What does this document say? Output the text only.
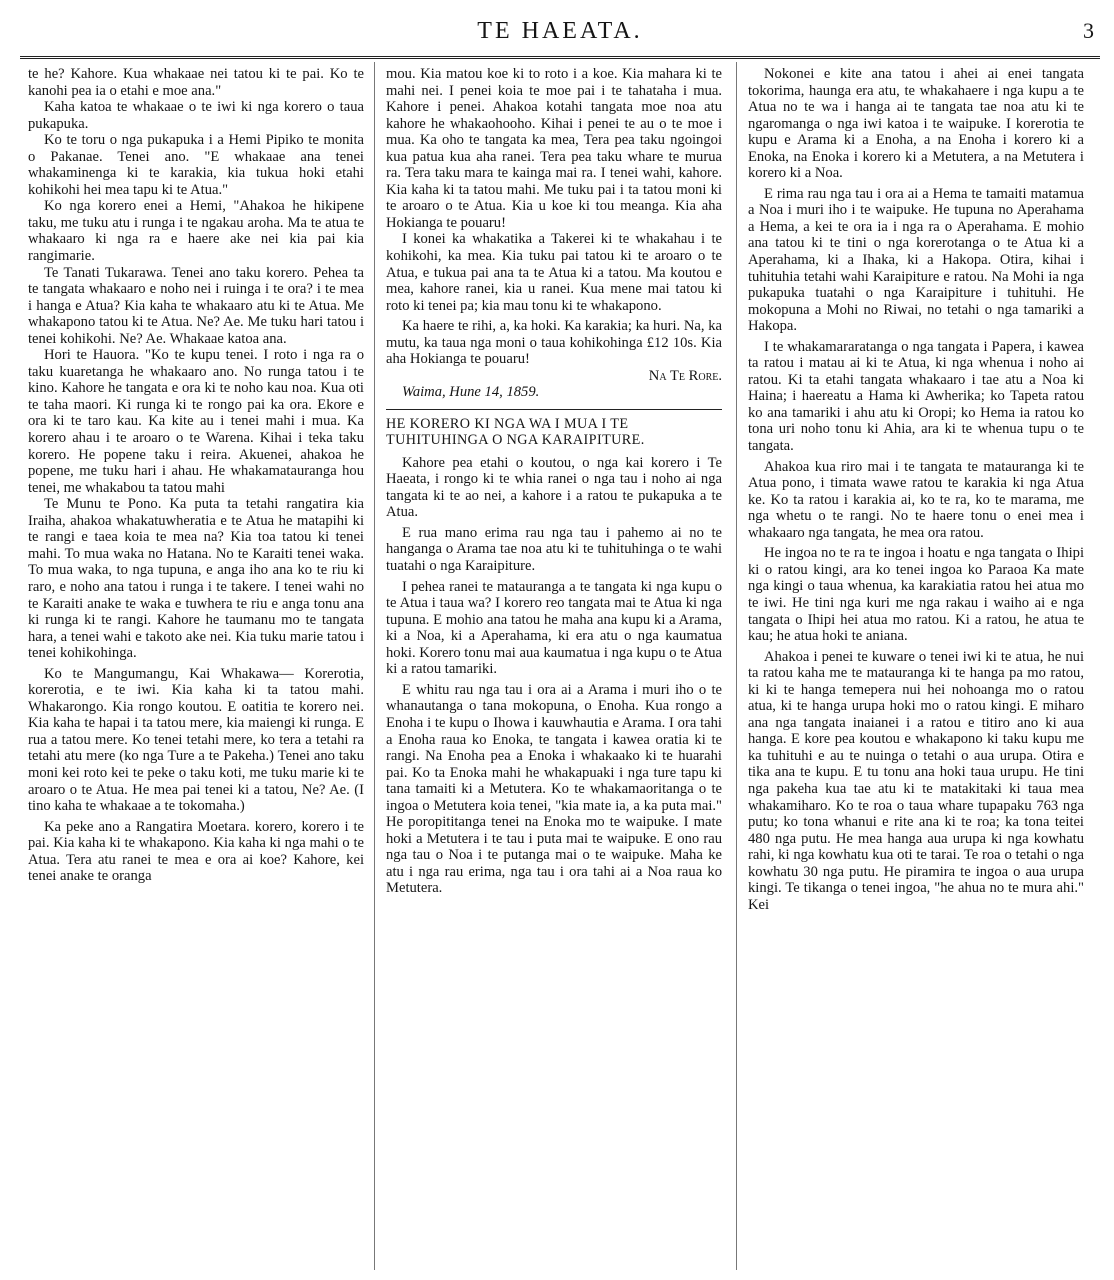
TE HAEATA.	3

te he? Kahore. Kua whakaae nei tatou ki te pai. Ko te kanohi pea ia o etahi e moe ana."

Kaha katoa te whakaae o te iwi ki nga korero o taua pukapuka.

Ko te toru o nga pukapuka i a Hemi Pipiko te monita o Pakanae. Tenei ano. "E whakaae ana tenei whakaminenga ki te karakia, kia tukua hoki etahi kohikohi hei mea tapu ki te Atua."

Ko nga korero enei a Hemi, "Ahakoa he hikipene taku, me tuku atu i runga i te ngakau aroha. Ma te atua te whakaaro ki nga ra e haere ake nei kia pai kia rangimarie.

Te Tanati Tukarawa. Tenei ano taku korero. Pehea ta te tangata whakaaro e noho nei i ruinga i te ora? i te mea i hanga e Atua? Kia kaha te whakaaro atu ki te Atua. Me whakapono tatou ki te Atua. Ne? Ae. Me tuku hari tatou i tenei kohikohi. Ne? Ae. Whakaae katoa ana.

Hori te Hauora. "Ko te kupu tenei. I roto i nga ra o taku kuaretanga he whakaaro ano. No runga tatou i te kino. Kahore he tangata e ora ki te noho kau noa. Kua oti te taha maori. Ki runga ki te rongo pai ka ora. Ekore e ora ki te taro kau. Ka kite au i tenei mahi i mua. Ka korero ahau i te aroaro o te Warena. Kihai i teka taku korero. He popene taku i reira. Akuenei, ahakoa he popene, me tuku hari i ahau. He whakamatauranga hou tenei, me whakabou ta tatou mahi

Te Munu te Pono. Ka puta ta tetahi rangatira kia Iraiha, ahakoa whakatuwheratia e te Atua he matapihi ki te rangi e taea koia te mea na? Kia toa tatou ki tenei mahi. To mua waka no Hatana. No te Karaiti tenei waka. To mua waka, to nga tupuna, e anga iho ana ko te riu ki raro, e noho ana tatou i runga i te takere. I tenei wahi no te Karaiti anake te waka e tuwhera te riu e anga tonu ana ki runga ki te rangi. Kahore he taumanu mo te tangata hara, a tenei wahi e takoto ake nei. Kia tuku marie tatou i tenei kohikohinga.

Ko te Mangumangu, Kai Whakawa— Korerotia, korerotia, e te iwi. Kia kaha ki ta tatou mahi. Whakarongo. Kia rongo koutou. E oatitia te korero nei. Kia kaha te hapai i ta tatou mere, kia maiengi ki runga. E rua a tatou mere. Ko tenei tetahi mere, ko tera a tetahi ra tetahi atu mere (ko nga Ture a te Pakeha.) Tenei ano taku moni kei roto kei te peke o taku koti, me tuku marie ki te aroaro o te Atua. He mea pai tenei ki a tatou, Ne? Ae. (I tino kaha te whakaae a te tokomaha.)

Ka peke ano a Rangatira Moetara. korero, korero i te pai. Kia kaha ki te whakapono. Kia kaha ki nga mahi o te Atua. Tera atu ranei te mea e ora ai koe? Kahore, kei tenei anake te oranga

mou. Kia matou koe ki to roto i a koe. Kia mahara ki te mahi nei. I penei koia te moe pai i te tahataha i mua. Kahore i penei. Ahakoa kotahi tangata moe noa atu kahore he whakaohooho. Kihai i penei te au o te moe i mua. Ka oho te tangata ka mea, Tera pea taku ngoingoi kua patua kua aha ranei. Tera pea taku whare te murua ra. Tera taku mara te kainga mai ra. I tenei wahi, kahore. Kia kaha ki ta tatou mahi. Me tuku pai i ta tatou moni ki te aroaro o te Atua. Kia u koe ki tou meanga. Kia aha Hokianga te pouaru!

I konei ka whakatika a Takerei ki te whakahau i te kohikohi, ka mea. Kia tuku pai tatou ki te aroaro o te Atua, e tukua pai ana ta te Atua ki a tatou. Ma koutou e mea, kahore ranei, kia u ranei. Kua mene mai tatou ki roto ki tenei pa; kia mau tonu ki te whakapono.

Ka haere te rihi, a, ka hoki. Ka karakia; ka huri. Na, ka mutu, ka taua nga moni o taua kohikohinga £12 10s. Kia aha Hokianga te pouaru!

Na Te Rore.

Waima, Hune 14, 1859.

HE KORERO KI NGA WA I MUA I TE TUHITUHINGA O NGA KARAIPITURE.

Kahore pea etahi o koutou, o nga kai korero i Te Haeata, i rongo ki te whia ranei o nga tau i noho ai nga tangata ki te ao nei, a kahore i a ratou te pukapuka a te Atua.

E rua mano erima rau nga tau i pahemo ai no te hanganga o Arama tae noa atu ki te tuhituhinga o te wahi tuatahi o nga Karaipiture.

I pehea ranei te matauranga a te tangata ki nga kupu o te Atua i taua wa? I korero reo tangata mai te Atua ki nga tupuna. E mohio ana tatou he maha ana kupu ki a Arama, ki a Noa, ki a Aperahama, ki era atu o nga kaumatua hoki. Korero tonu mai aua kaumatua i nga kupu o te Atua ki a ratou tamariki.

E whitu rau nga tau i ora ai a Arama i muri iho o te whanautanga o tana mokopuna, o Enoha. Kua rongo a Enoha i te kupu o Ihowa i kauwhautia e Arama. I ora tahi a Enoha raua ko Enoka, te tangata i kawea oratia ki te rangi. Na Enoha pea a Enoka i whakaako ki te huarahi pai. Ko ta Enoka mahi he whakapuaki i nga ture tapu ki tana tamaiti ki a Metutera. Ko te whakamaoritanga o te ingoa o Metutera koia tenei, "kia mate ia, a ka puta mai." He poropititanga tenei na Enoka mo te waipuke. I mate hoki a Metutera i te tau i puta mai te waipuke. E ono rau nga tau o Noa i te putanga mai o te waipuke. Maha ke atu i nga rau erima, nga tau i ora tahi ai a Noa raua ko Metutera.

Nokonei e kite ana tatou i ahei ai enei tangata tokorima, haunga era atu, te whakahaere i nga kupu a te Atua no te wa i hanga ai te tangata tae noa atu ki te ngaromanga o nga iwi katoa i te waipuke. I korerotia te kupu e Arama ki a Enoha, a na Enoha i korero ki a Enoka, na Enoka i korero ki a Metutera, a na Metutera i korero ki a Noa.

E rima rau nga tau i ora ai a Hema te tamaiti matamua a Noa i muri iho i te waipuke. He tupuna no Aperahama a Hema, a kei te ora ia i nga ra o Aperahama. E mohio ana tatou ki te tini o nga korerotanga o te Atua ki a Aperahama, ki a Ihaka, ki a Hakopa. Otira, kihai i tuhituhia tetahi wahi Karaipiture e ratou. Na Mohi ia nga pukapuka tuatahi o nga Karaipiture i tuhituhi. He mokopuna a Mohi no Riwai, no tetahi o nga tamariki a Hakopa.

I te whakamararatanga o nga tangata i Papera, i kawea ta ratou i matau ai ki te Atua, ki nga whenua i noho ai ratou. Ki ta etahi tangata whakaaro i tae atu a Noa ki Haina; i haereatu a Hama ki Awherika; ko Tapeta ratou ko ana tamariki i ahu atu ki Oropi; ko Hema ia ratou ko tona uri noho tonu ki Ahia, ara ki te whenua tupu o te tangata.

Ahakoa kua riro mai i te tangata te matauranga ki te Atua pono, i timata wawe ratou te karakia ki nga Atua ke. Ko ta ratou i karakia ai, ko te ra, ko te marama, me nga whetu o te rangi. No te haere tonu o enei mea i whakaaro nga tangata, he mea ora ratou.

He ingoa no te ra te ingoa i hoatu e nga tangata o Ihipi ki o ratou kingi, ara ko tenei ingoa ko Paraoa Ka mate nga kingi o taua whenua, ka karakiatia ratou hei atua mo te iwi. He tini nga kuri me nga rakau i waiho ai e nga tangata o Ihipi hei atua mo ratou. Ki a ratou, he atua te kau; he atua hoki te aniana.

Ahakoa i penei te kuware o tenei iwi ki te atua, he nui ta ratou kaha me te matauranga ki te hanga pa mo ratou, ki ki te hanga temepera nui hei nohoanga mo o ratou atua, ki te hanga urupa hoki mo o ratou kingi. E miharo ana nga tangata inaianei i a ratou e titiro ano ki aua hanga. E kore pea koutou e whakapono ki taku kupu me ka tuhituhi e au te nuinga o tetahi o aua urupa. Otira e tika ana te kupu. E tu tonu ana hoki taua urupu. He tini nga pakeha kua tae atu ki te matakitaki ki taua mea whakamiharo. Ko te roa o taua whare tupapaku 763 nga putu; ko tona whanui e rite ana ki te roa; ka tona teitei 480 nga putu. He mea hanga aua urupa ki nga kowhatu rahi, ki nga kowhatu kua oti te tarai. Te roa o tetahi o nga kowhatu 30 nga putu. He piramira te ingoa o aua urupa kingi. Te tikanga o tenei ingoa, "he ahua no te mura ahi." Kei
